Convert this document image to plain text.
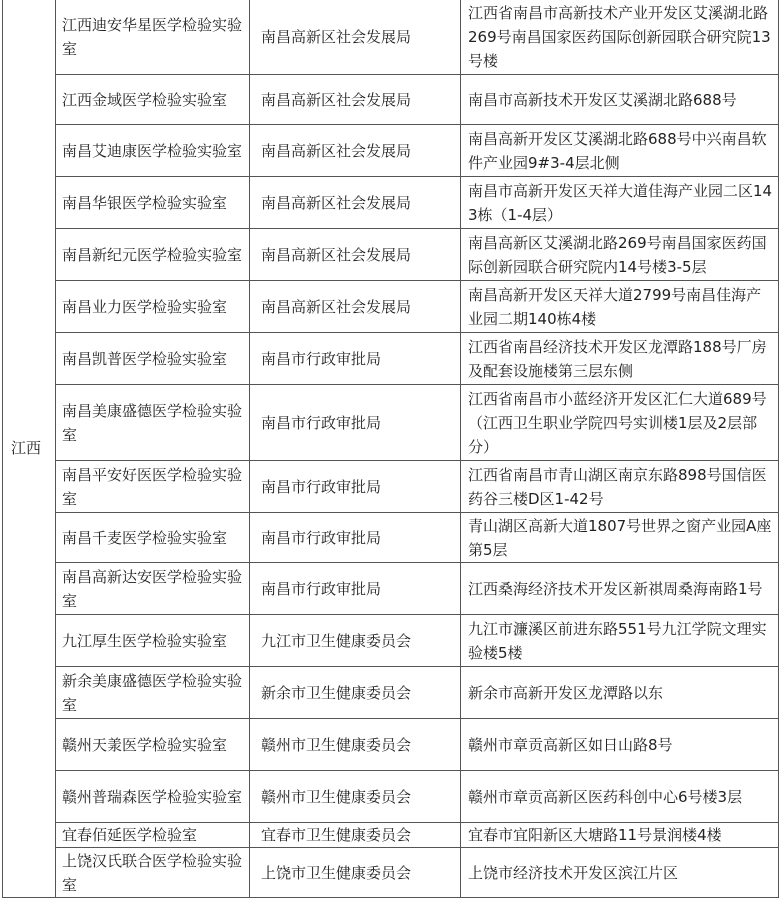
江西	江西迪安华星医学检验实验室	南昌高新区社会发展局	江西省南昌市高新技术产业开发区艾溪湖北路269号南昌国家医药国际创新园联合研究院13号楼
	江西金域医学检验实验室	南昌高新区社会发展局	南昌市高新技术开发区艾溪湖北路688号
	南昌艾迪康医学检验实验室	南昌高新区社会发展局	南昌高新开发区艾溪湖北路688号中兴南昌软件产业园9#3-4层北侧
	南昌华银医学检验实验室	南昌高新区社会发展局	南昌市高新开发区天祥大道佳海产业园二区143栋（1-4层）
	南昌新纪元医学检验实验室	南昌高新区社会发展局	南昌高新区艾溪湖北路269号南昌国家医药国际创新园联合研究院内14号楼3-5层
	南昌业力医学检验实验室	南昌高新区社会发展局	南昌高新开发区天祥大道2799号南昌佳海产业园二期140栋4楼
	南昌凯普医学检验实验室	南昌市行政审批局	江西省南昌经济技术开发区龙潭路188号厂房及配套设施楼第三层东侧
	南昌美康盛德医学检验实验室	南昌市行政审批局	江西省南昌市小蓝经济开发区汇仁大道689号（江西卫生职业学院四号实训楼1层及2层部分）
	南昌平安好医医学检验实验室	南昌市行政审批局	江西省南昌市青山湖区南京东路898号国信医药谷三楼D区1-42号
	南昌千麦医学检验实验室	南昌市行政审批局	青山湖区高新大道1807号世界之窗产业园A座第5层
	南昌高新达安医学检验实验室	南昌市行政审批局	江西桑海经济技术开发区新祺周桑海南路1号
	九江厚生医学检验实验室	九江市卫生健康委员会	九江市濂溪区前进东路551号九江学院文理实验楼5楼
	新余美康盛德医学检验实验室	新余市卫生健康委员会	新余市高新开发区龙潭路以东
	赣州天羕医学检验实验室	赣州市卫生健康委员会	赣州市章贡高新区如日山路8号
	赣州普瑞森医学检验实验室	赣州市卫生健康委员会	赣州市章贡高新区医药科创中心6号楼3层
	宜春佰延医学检验室	宜春市卫生健康委员会	宜春市宜阳新区大塘路11号景润楼4楼
	上饶汉氏联合医学检验实验室	上饶市卫生健康委员会	上饶市经济技术开发区滨江片区
